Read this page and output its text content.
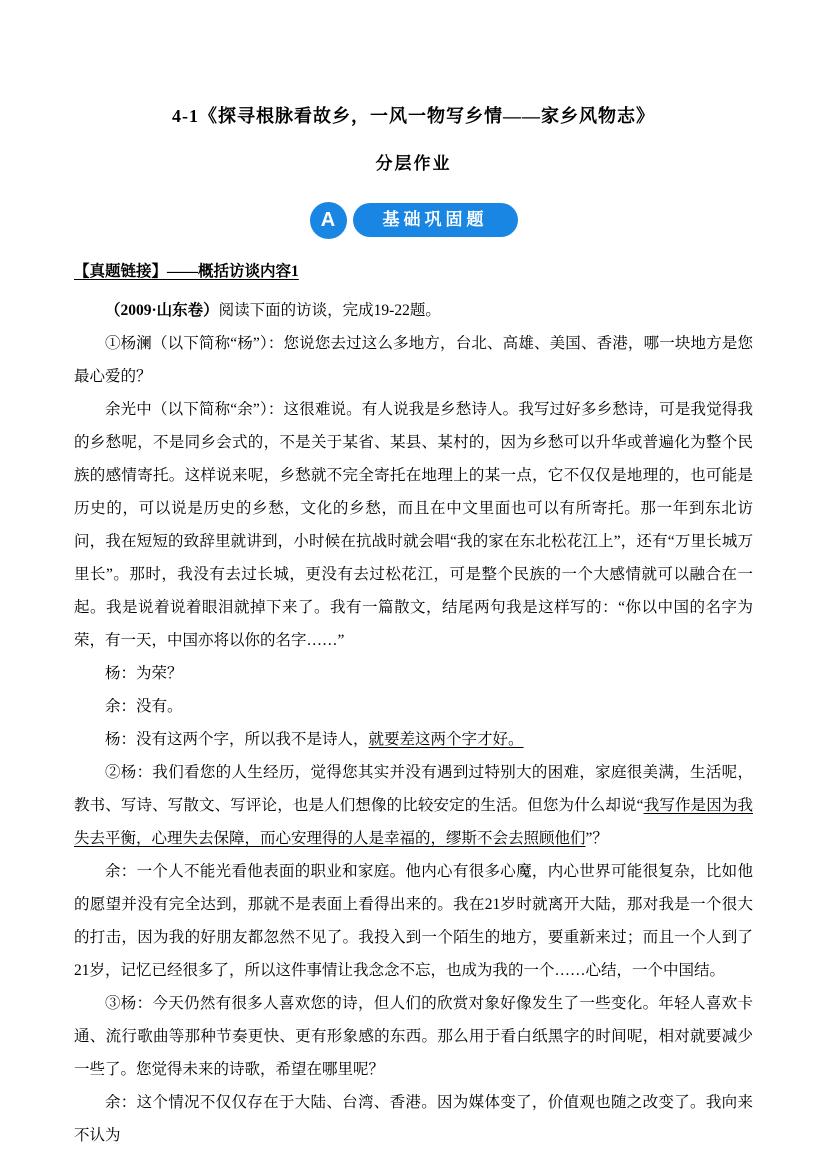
4-1《探寻根脉看故乡，一风一物写乡情——家乡风物志》
分层作业
A	基础巩固题
【真题链接】——概括访谈内容1

（2009·山东卷）阅读下面的访谈，完成19-22题。

①杨澜（以下简称“杨”）：您说您去过这么多地方，台北、高雄、美国、香港，哪一块地方是您最心爱的？

余光中（以下简称“余”）：这很难说。有人说我是乡愁诗人。我写过好多乡愁诗，可是我觉得我的乡愁呢，不是同乡会式的，不是关于某省、某县、某村的，因为乡愁可以升华或普遍化为整个民族的感情寄托。这样说来呢，乡愁就不完全寄托在地理上的某一点，它不仅仅是地理的，也可能是历史的，可以说是历史的乡愁，文化的乡愁，而且在中文里面也可以有所寄托。那一年到东北访问，我在短短的致辞里就讲到，小时候在抗战时就会唱“我的家在东北松花江上”，还有“万里长城万里长”。那时，我没有去过长城，更没有去过松花江，可是整个民族的一个大感情就可以融合在一起。我是说着说着眼泪就掉下来了。我有一篇散文，结尾两句我是这样写的：“你以中国的名字为荣，有一天，中国亦将以你的名字……”

杨：为荣？

余：没有。

杨：没有这两个字，所以我不是诗人，就要差这两个字才好。

②杨：我们看您的人生经历，觉得您其实并没有遇到过特别大的困难，家庭很美满，生活呢，教书、写诗、写散文、写评论，也是人们想像的比较安定的生活。但您为什么却说“我写作是因为我失去平衡，心理失去保障，而心安理得的人是幸福的，缪斯不会去照顾他们”？

余：一个人不能光看他表面的职业和家庭。他内心有很多心魔，内心世界可能很复杂，比如他的愿望并没有完全达到，那就不是表面上看得出来的。我在21岁时就离开大陆，那对我是一个很大的打击，因为我的好朋友都忽然不见了。我投入到一个陌生的地方，要重新来过；而且一个人到了21岁，记忆已经很多了，所以这件事情让我念念不忘，也成为我的一个……心结，一个中国结。

③杨：今天仍然有很多人喜欢您的诗，但人们的欣赏对象好像发生了一些变化。年轻人喜欢卡通、流行歌曲等那种节奏更快、更有形象感的东西。那么用于看白纸黑字的时间呢，相对就要减少一些了。您觉得未来的诗歌，希望在哪里呢？

余：这个情况不仅仅存在于大陆、台湾、香港。因为媒体变了，价值观也随之改变了。我向来不认为
